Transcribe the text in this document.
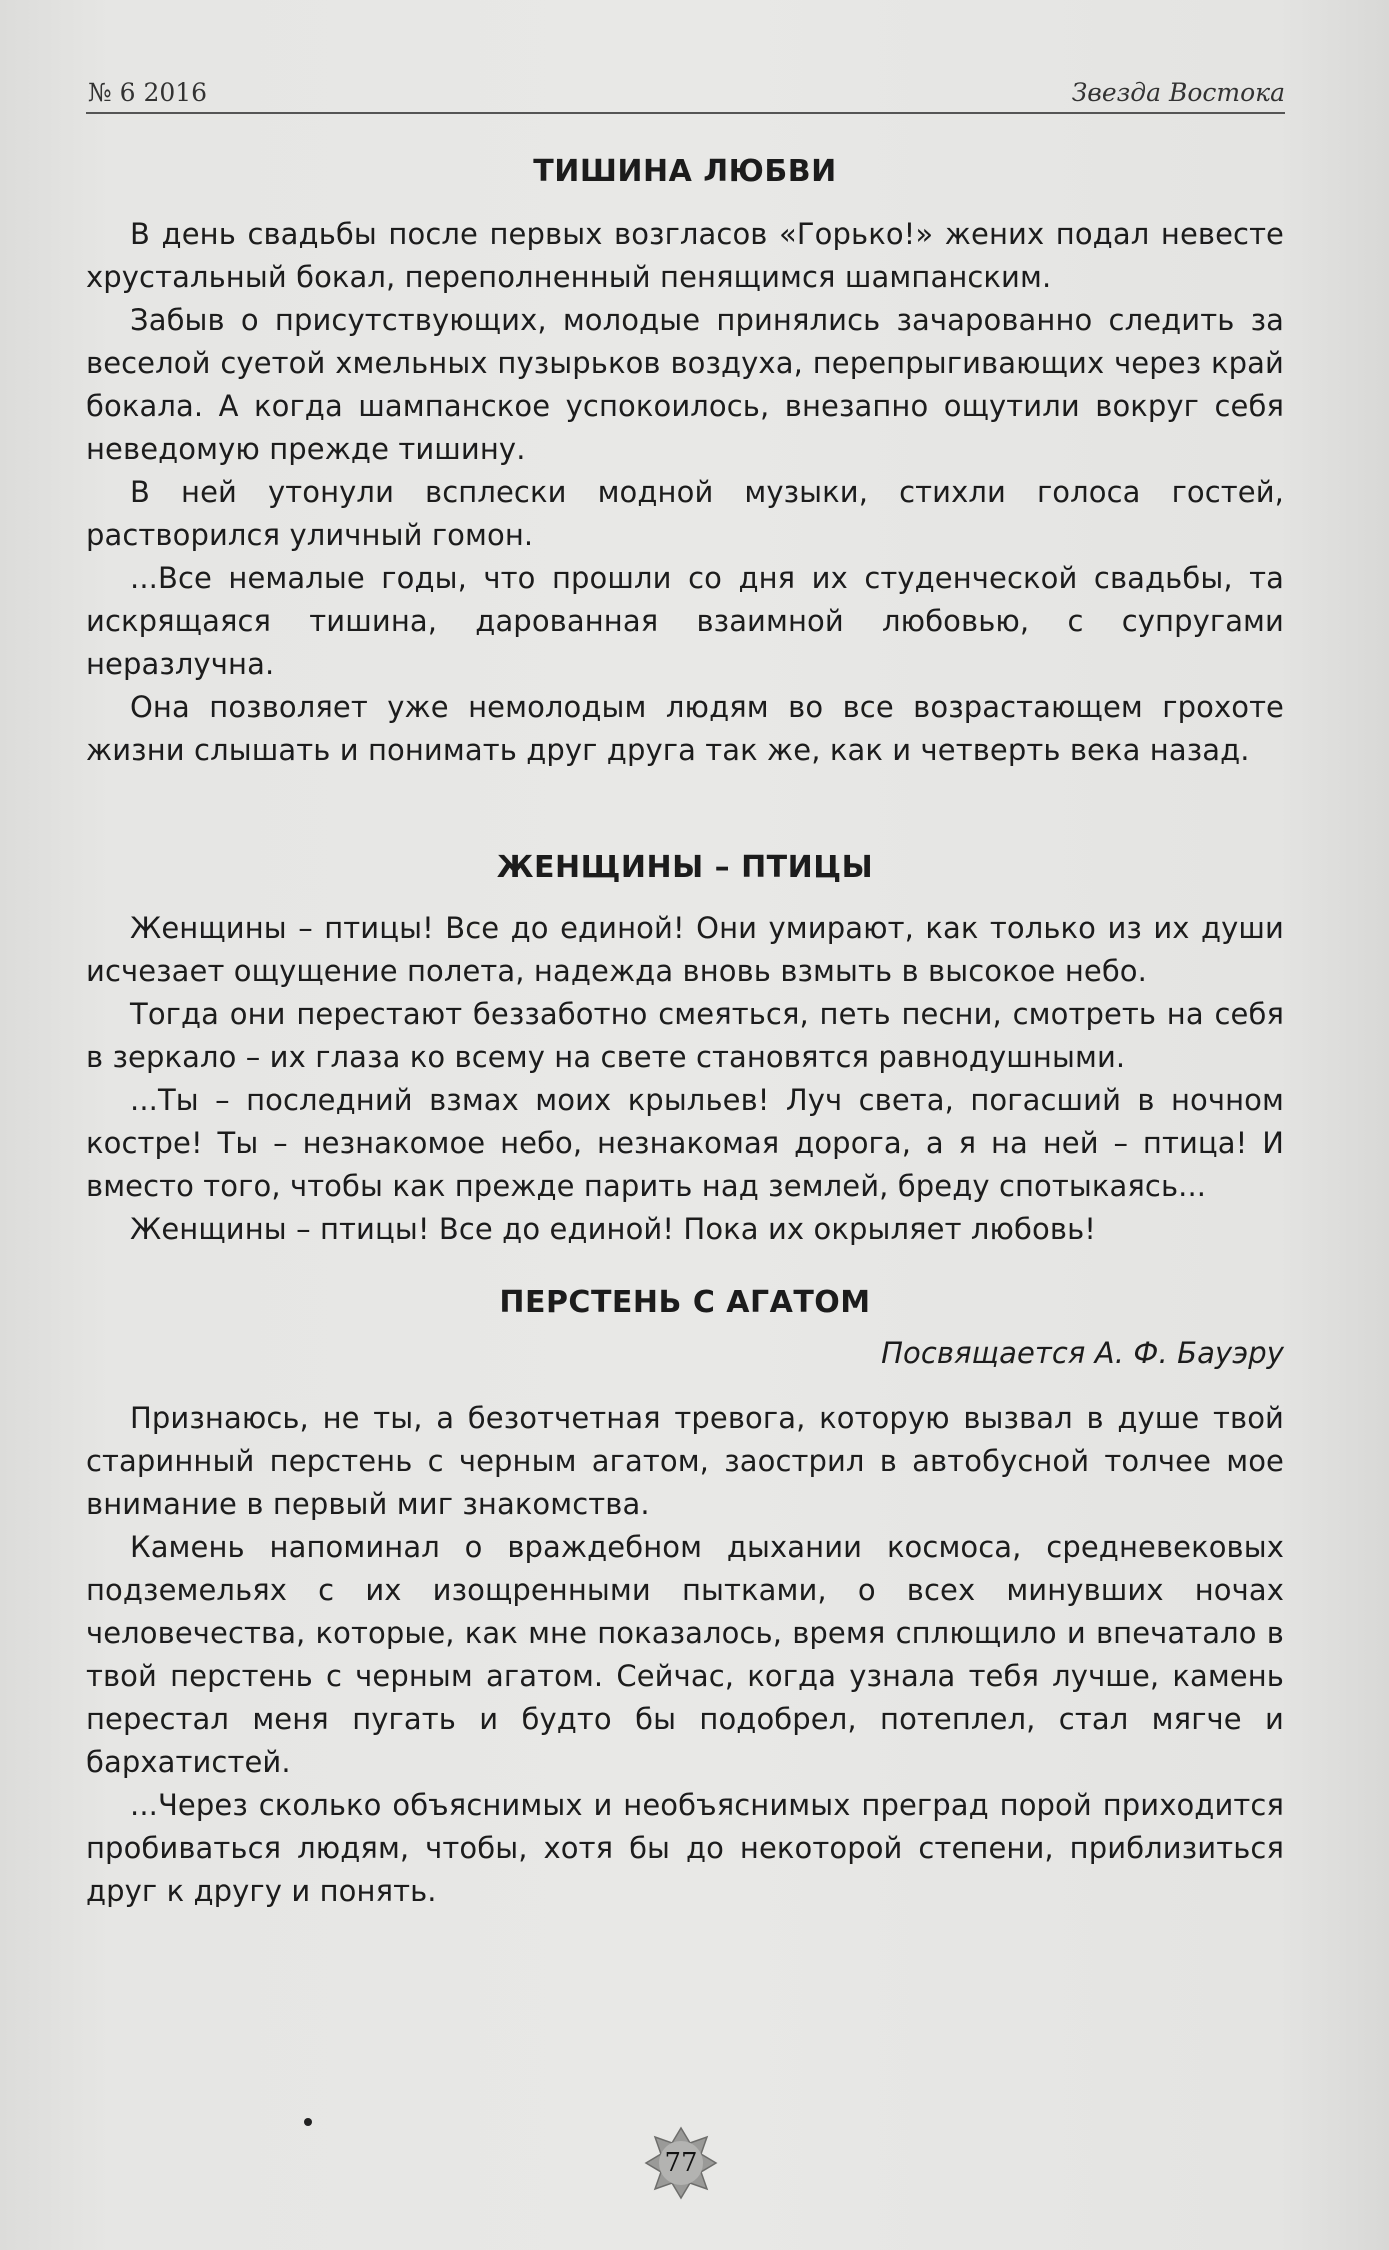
№ 6 2016	Звезда Востока
ТИШИНА ЛЮБВИ

В день свадьбы после первых возгласов «Горько!» жених подал невесте хрустальный бокал, переполненный пенящимся шампанским.

Забыв о присутствующих, молодые принялись зачарованно следить за веселой суетой хмельных пузырьков воздуха, перепрыгивающих через край бокала. А когда шампанское успокоилось, внезапно ощутили вокруг себя неведомую прежде тишину.

В ней утонули всплески модной музыки, стихли голоса гостей, растворился уличный гомон.

...Все немалые годы, что прошли со дня их студенческой свадьбы, та искрящаяся тишина, дарованная взаимной любовью, с супругами неразлучна.

Она позволяет уже немолодым людям во все возрастающем грохоте жизни слышать и понимать друг друга так же, как и четверть века назад.

ЖЕНЩИНЫ – ПТИЦЫ

Женщины – птицы! Все до единой! Они умирают, как только из их души исчезает ощущение полета, надежда вновь взмыть в высокое небо.

Тогда они перестают беззаботно смеяться, петь песни, смотреть на себя в зеркало – их глаза ко всему на свете становятся равнодушными.

...Ты – последний взмах моих крыльев! Луч света, погасший в ночном костре! Ты – незнакомое небо, незнакомая дорога, а я на ней – птица! И вместо того, чтобы как прежде парить над землей, бреду спотыкаясь...

Женщины – птицы! Все до единой! Пока их окрыляет любовь!

ПЕРСТЕНЬ С АГАТОМ
Посвящается А. Ф. Бауэру

Признаюсь, не ты, а безотчетная тревога, которую вызвал в душе твой старинный перстень с черным агатом, заострил в автобусной толчее мое внимание в первый миг знакомства.

Камень напоминал о враждебном дыхании космоса, средневековых подземельях с их изощренными пытками, о всех минувших ночах человечества, которые, как мне показалось, время сплющило и впечатало в твой перстень с черным агатом. Сейчас, когда узнала тебя лучше, камень перестал меня пугать и будто бы подобрел, потеплел, стал мягче и бархатистей.

...Через сколько объяснимых и необъяснимых преград порой приходится пробиваться людям, чтобы, хотя бы до некоторой степени, приблизиться друг к другу и понять.

77
